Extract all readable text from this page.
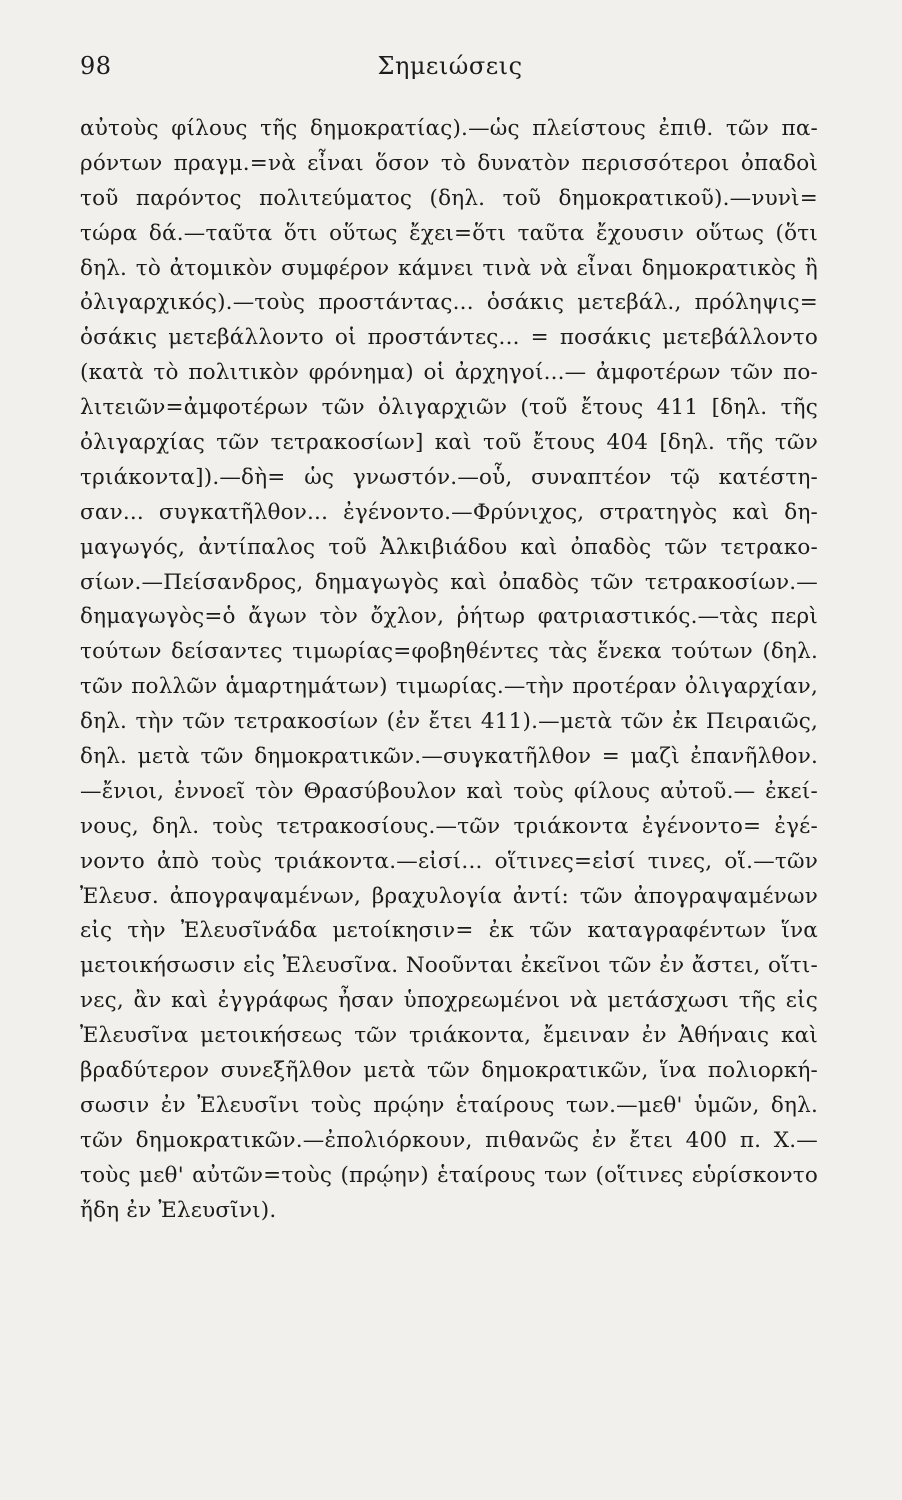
98	Σημειώσεις
αὐτοὺς φίλους τῆς δημοκρατίας).—ὡς πλείστους ἐπιθ. τῶν πα-
ρόντων πραγμ.=νὰ εἶναι ὅσον τὸ δυνατὸν περισσότεροι ὀπαδοὶ
τοῦ παρόντος πολιτεύματος (δηλ. τοῦ δημοκρατικοῦ).—νυνὶ=
τώρα δά.—ταῦτα ὅτι οὕτως ἔχει=ὅτι ταῦτα ἔχουσιν οὕτως (ὅτι
δηλ. τὸ ἀτομικὸν συμφέρον κάμνει τινὰ νὰ εἶναι δημοκρατικὸς ἢ
ὀλιγαρχικός).—τοὺς προστάντας... ὁσάκις μετεβάλ., πρόληψις=
ὁσάκις μετεβάλλοντο οἱ προστάντες... = ποσάκις μετεβάλλοντο
(κατὰ τὸ πολιτικὸν φρόνημα) οἱ ἀρχηγοί...— ἀμφοτέρων τῶν πο-
λιτειῶν=ἀμφοτέρων τῶν ὀλιγαρχιῶν (τοῦ ἔτους 411 [δηλ. τῆς
ὀλιγαρχίας τῶν τετρακοσίων] καὶ τοῦ ἔτους 404 [δηλ. τῆς τῶν
τριάκοντα]).—δὴ= ὡς γνωστόν.—οὗ, συναπτέον τῷ κατέστη-
σαν... συγκατῆλθον... ἐγένοντο.—Φρύνιχος, στρατηγὸς καὶ δη-
μαγωγός, ἀντίπαλος τοῦ Ἀλκιβιάδου καὶ ὀπαδὸς τῶν τετρακο-
σίων.—Πείσανδρος, δημαγωγὸς καὶ ὀπαδὸς τῶν τετρακοσίων.—
δημαγωγὸς=ὁ ἄγων τὸν ὄχλον, ῥήτωρ φατριαστικός.—τὰς περὶ
τούτων δείσαντες τιμωρίας=φοβηθέντες τὰς ἕνεκα τούτων (δηλ.
τῶν πολλῶν ἁμαρτημάτων) τιμωρίας.—τὴν προτέραν ὀλιγαρχίαν,
δηλ. τὴν τῶν τετρακοσίων (ἐν ἔτει 411).—μετὰ τῶν ἐκ Πειραιῶς,
δηλ. μετὰ τῶν δημοκρατικῶν.—συγκατῆλθον = μαζὶ ἐπανῆλθον.
—ἔνιοι, ἐννοεῖ τὸν Θρασύβουλον καὶ τοὺς φίλους αὐτοῦ.— ἐκεί-
νους, δηλ. τοὺς τετρακοσίους.—τῶν τριάκοντα ἐγένοντο= ἐγέ-
νοντο ἀπὸ τοὺς τριάκοντα.—εἰσί... οἵτινες=εἰσί τινες, οἵ.—τῶν
Ἐλευσ. ἀπογραψαμένων, βραχυλογία ἀντί: τῶν ἀπογραψαμένων
εἰς τὴν Ἐλευσῖνάδα μετοίκησιν= ἐκ τῶν καταγραφέντων ἵνα
μετοικήσωσιν εἰς Ἐλευσῖνα. Νοοῦνται ἐκεῖνοι τῶν ἐν ἄστει, οἵτι-
νες, ἂν καὶ ἐγγράφως ἦσαν ὑποχρεωμένοι νὰ μετάσχωσι τῆς εἰς
Ἐλευσῖνα μετοικήσεως τῶν τριάκοντα, ἔμειναν ἐν Ἀθήναις καὶ
βραδύτερον συνεξῆλθον μετὰ τῶν δημοκρατικῶν, ἵνα πολιορκή-
σωσιν ἐν Ἐλευσῖνι τοὺς πρῴην ἑταίρους των.—μεθ' ὑμῶν, δηλ.
τῶν δημοκρατικῶν.—ἐπολιόρκουν, πιθανῶς ἐν ἔτει 400 π. Χ.—
τοὺς μεθ' αὐτῶν=τοὺς (πρῴην) ἑταίρους των (οἵτινες εὑρίσκοντο
ἤδη ἐν Ἐλευσῖνι).
